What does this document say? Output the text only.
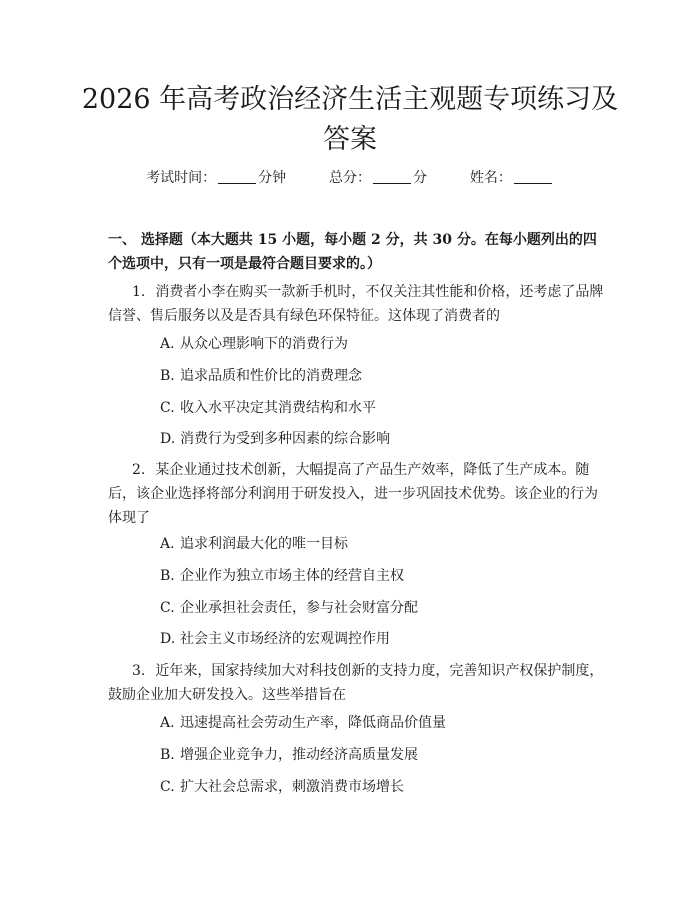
2026 年高考政治经济生活主观题专项练习及
答案
考试时间：	分钟	总分：	分	姓名：

一、 选择题（本大题共 15 小题，每小题 2 分，共 30 分。在每小题列出的四个选项中，只有一项是最符合题目要求的。）

1. 消费者小李在购买一款新手机时，不仅关注其性能和价格，还考虑了品牌信誉、售后服务以及是否具有绿色环保特征。这体现了消费者的

A. 从众心理影响下的消费行为

B. 追求品质和性价比的消费理念

C. 收入水平决定其消费结构和水平

D. 消费行为受到多种因素的综合影响

2. 某企业通过技术创新，大幅提高了产品生产效率，降低了生产成本。随后，该企业选择将部分利润用于研发投入，进一步巩固技术优势。该企业的行为体现了

A. 追求利润最大化的唯一目标

B. 企业作为独立市场主体的经营自主权

C. 企业承担社会责任，参与社会财富分配

D. 社会主义市场经济的宏观调控作用

3. 近年来，国家持续加大对科技创新的支持力度，完善知识产权保护制度，鼓励企业加大研发投入。这些举措旨在

A. 迅速提高社会劳动生产率，降低商品价值量

B. 增强企业竞争力，推动经济高质量发展

C. 扩大社会总需求，刺激消费市场增长
